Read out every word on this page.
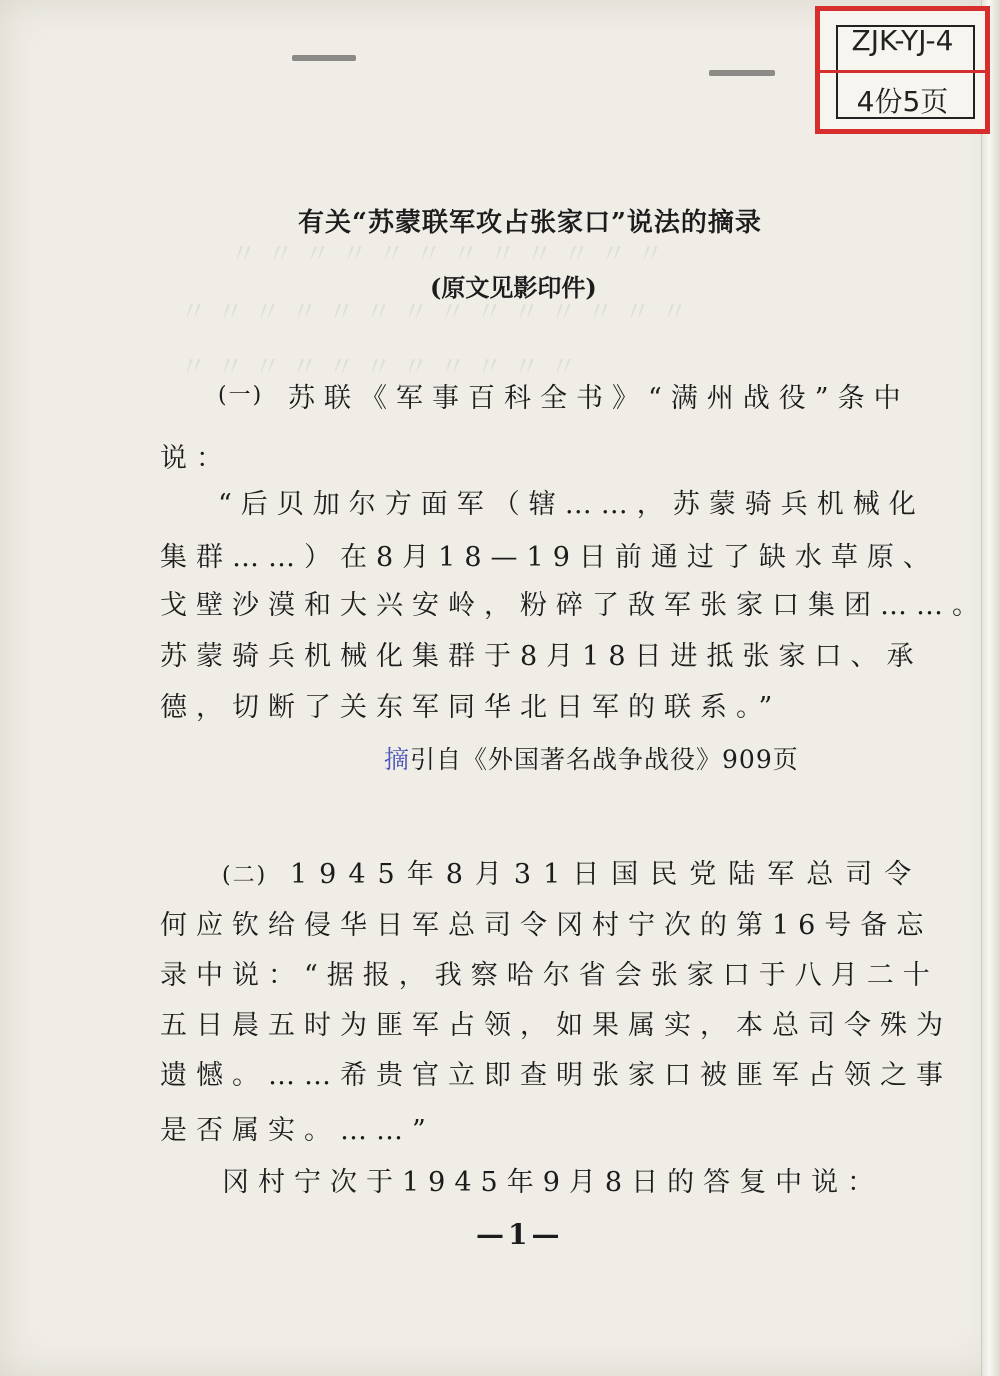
ZJK-YJ-4
4份5页
〃〃〃〃〃〃〃〃〃〃〃〃
〃〃〃〃〃〃〃〃〃〃〃〃〃〃
〃〃〃〃〃〃〃〃〃〃〃
有关“苏蒙联军攻占张家口”说法的摘录
(原文见影印件)
(一) 苏联《军事百科全书》“满州战役”条中
说：
“后贝加尔方面军（辖……，苏蒙骑兵机械化
集群……）在8月18—19日前通过了缺水草原、
戈壁沙漠和大兴安岭，粉碎了敌军张家口集团……。
苏蒙骑兵机械化集群于8月18日进抵张家口、承
德，切断了关东军同华北日军的联系。”
摘引自《外国著名战争战役》909页
(二) 1945年8月31日国民党陆军总司令
何应钦给侵华日军总司令冈村宁次的第16号备忘
录中说：“据报，我察哈尔省会张家口于八月二十
五日晨五时为匪军占领，如果属实，本总司令殊为
遗憾。……希贵官立即查明张家口被匪军占领之事
是否属实。……”
冈村宁次于1945年9月8日的答复中说：
—1—
